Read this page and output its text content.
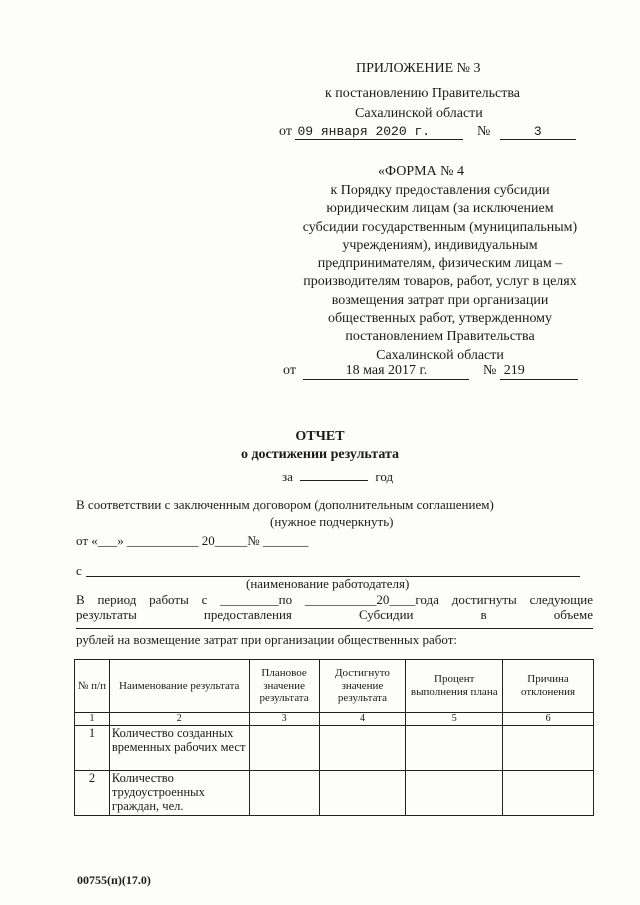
ПРИЛОЖЕНИЕ № 3
к постановлению Правительства
Сахалинской области
от 09 января 2020 г.	№	3
«ФОРМА № 4
к Порядку предоставления субсидии
юридическим лицам (за исключением
субсидии государственным (муниципальным)
учреждениям), индивидуальным
предпринимателям, физическим лицам –
производителям товаров, работ, услуг в целях
возмещения затрат при организации
общественных работ, утвержденному
постановлением Правительства
Сахалинской области
от	18 мая 2017 г.	№ 219
ОТЧЕТ
о достижении результата
за	год
В соответствии с заключенным договором (дополнительным соглашением)
(нужное подчеркнуть)
от «___» ___________ 20_____№ _______
с
(наименование работодателя)
В период работы с _________по ___________20____года достигнуты следующие
результаты	предоставления	Субсидии	в	объеме
рублей на возмещение затрат при организации общественных работ:
№ п/п	Наименование результата	Плановое значение результата	Достигнуто значение результата	Процент выполнения плана	Причина отклонения
1	2	3	4	5	6
1	Количество созданных временных рабочих мест				
2	Количество трудоустроенных граждан, чел.				
00755(п)(17.0)
